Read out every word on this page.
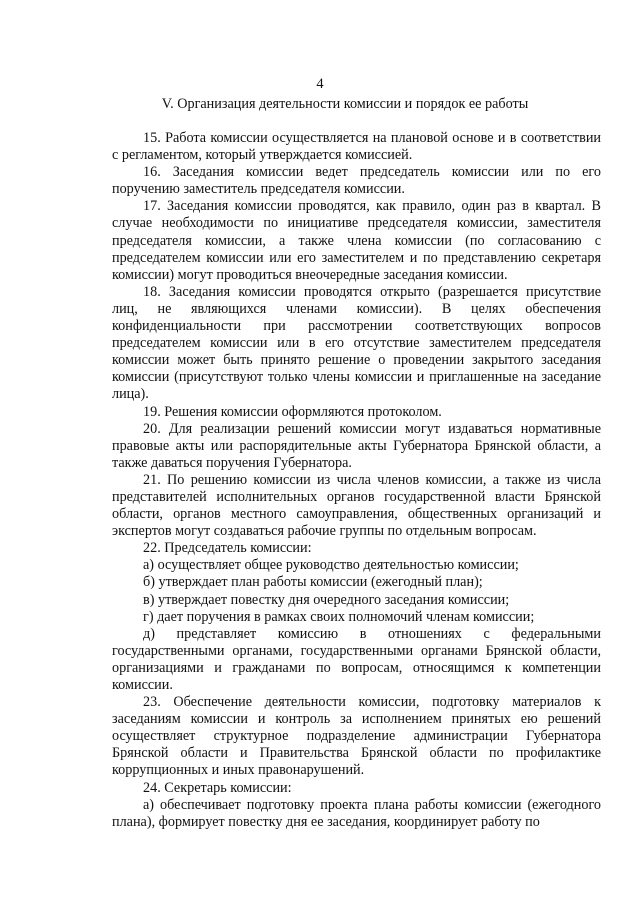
4
V. Организация деятельности комиссии и порядок ее работы

15. Работа комиссии осуществляется на плановой основе и в соответствии с регламентом, который утверждается комиссией.

16. Заседания комиссии ведет председатель комиссии или по его поручению заместитель председателя комиссии.

17. Заседания комиссии проводятся, как правило, один раз в квартал. В случае необходимости по инициативе председателя комиссии, заместителя председателя комиссии, а также члена комиссии (по согласованию с председателем комиссии или его заместителем и по представлению секретаря комиссии) могут проводиться внеочередные заседания комиссии.

18. Заседания комиссии проводятся открыто (разрешается присутствие лиц, не являющихся членами комиссии). В целях обеспечения конфиденциальности при рассмотрении соответствующих вопросов председателем комиссии или в его отсутствие заместителем председателя комиссии может быть принято решение о проведении закрытого заседания комиссии (присутствуют только члены комиссии и приглашенные на заседание лица).

19. Решения комиссии оформляются протоколом.

20. Для реализации решений комиссии могут издаваться нормативные правовые акты или распорядительные акты Губернатора Брянской области, а также даваться поручения Губернатора.

21. По решению комиссии из числа членов комиссии, а также из числа представителей исполнительных органов государственной власти Брянской области, органов местного самоуправления, общественных организаций и экспертов могут создаваться рабочие группы по отдельным вопросам.

22. Председатель комиссии:

а) осуществляет общее руководство деятельностью комиссии;

б) утверждает план работы комиссии (ежегодный план);

в) утверждает повестку дня очередного заседания комиссии;

г) дает поручения в рамках своих полномочий членам комиссии;

д) представляет комиссию в отношениях с федеральными государственными органами, государственными органами Брянской области, организациями и гражданами по вопросам, относящимся к компетенции комиссии.

23. Обеспечение деятельности комиссии, подготовку материалов к заседаниям комиссии и контроль за исполнением принятых ею решений осуществляет структурное подразделение администрации Губернатора Брянской области и Правительства Брянской области по профилактике коррупционных и иных правонарушений.

24. Секретарь комиссии:

а) обеспечивает подготовку проекта плана работы комиссии (ежегодного плана), формирует повестку дня ее заседания, координирует работу по
